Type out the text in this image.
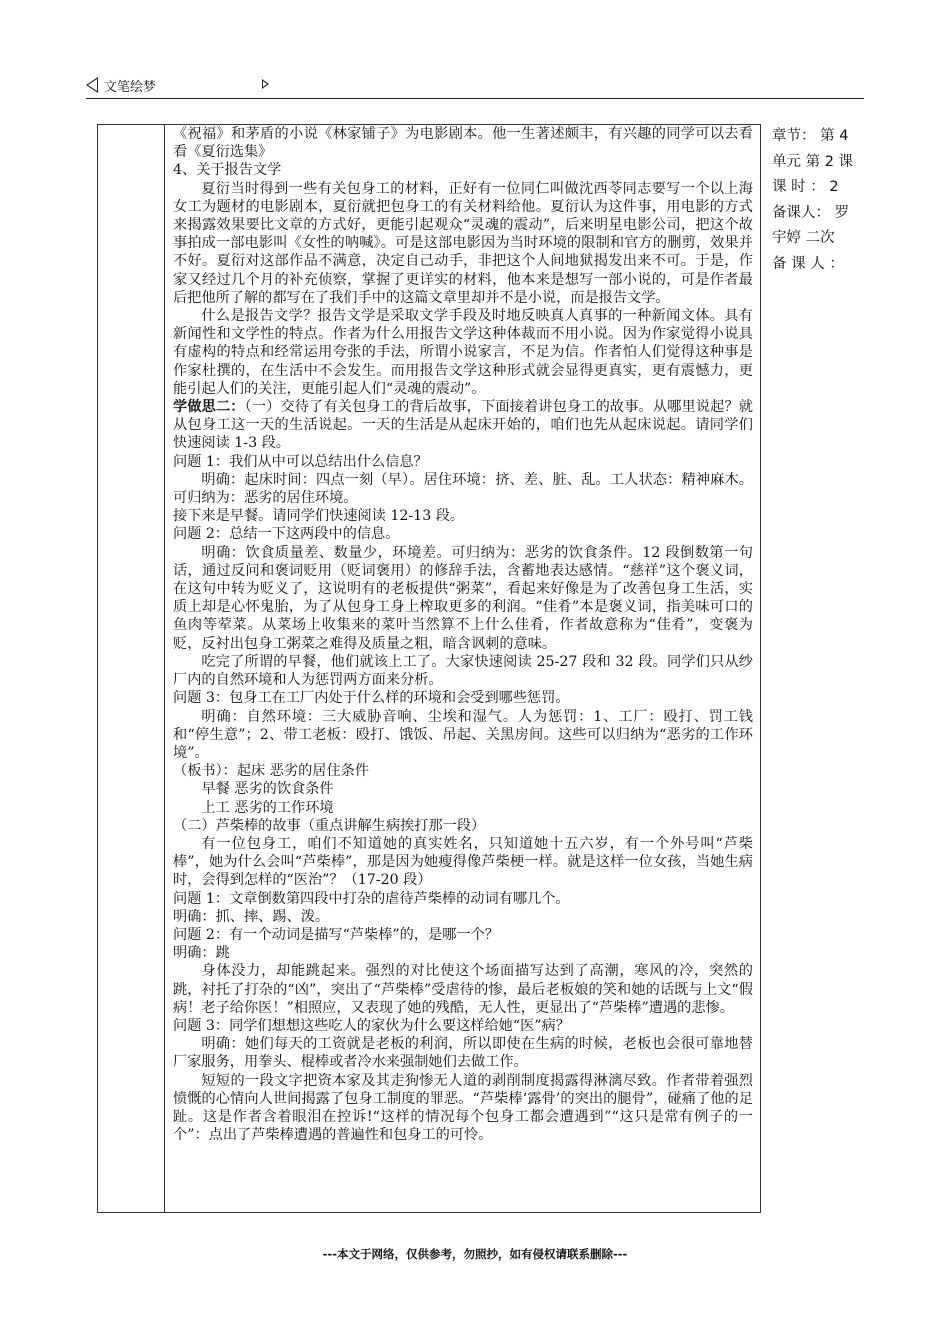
文笔绘梦

《祝福》和茅盾的小说《林家铺子》为电影剧本。他一生著述颇丰，有兴趣的同学可以去看看《夏衍选集》

4、关于报告文学

夏衍当时得到一些有关包身工的材料，正好有一位同仁叫做沈西苓同志要写一个以上海女工为题材的电影剧本，夏衍就把包身工的有关材料给他。夏衍认为这件事，用电影的方式来揭露效果要比文章的方式好，更能引起观众“灵魂的震动”，后来明星电影公司，把这个故事拍成一部电影叫《女性的呐喊》。可是这部电影因为当时环境的限制和官方的删剪，效果并不好。夏衍对这部作品不满意，决定自己动手，非把这个人间地狱揭发出来不可。于是，作家又经过几个月的补充侦察，掌握了更详实的材料，他本来是想写一部小说的，可是作者最后把他所了解的都写在了我们手中的这篇文章里却并不是小说，而是报告文学。

什么是报告文学？报告文学是采取文学手段及时地反映真人真事的一种新闻文体。具有新闻性和文学性的特点。作者为什么用报告文学这种体裁而不用小说。因为作家觉得小说具有虚构的特点和经常运用夸张的手法，所谓小说家言，不足为信。作者怕人们觉得这种事是作家杜撰的，在生活中不会发生。而用报告文学这种形式就会显得更真实，更有震憾力，更能引起人们的关注，更能引起人们“灵魂的震动”。

学做思二：（一）交待了有关包身工的背后故事，下面接着讲包身工的故事。从哪里说起？就从包身工这一天的生活说起。一天的生活是从起床开始的，咱们也先从起床说起。请同学们快速阅读 1-3 段。

问题 1：我们从中可以总结出什么信息？

明确：起床时间：四点一刻（早）。居住环境：挤、差、脏、乱。工人状态：精神麻木。可归纳为：恶劣的居住环境。

接下来是早餐。请同学们快速阅读 12-13 段。

问题 2：总结一下这两段中的信息。

明确：饮食质量差、数量少，环境差。可归纳为：恶劣的饮食条件。12 段倒数第一句话，通过反问和褒词贬用（贬词褒用）的修辞手法，含蓄地表达感情。“慈祥”这个褒义词，在这句中转为贬义了，这说明有的老板提供“粥菜”，看起来好像是为了改善包身工生活，实质上却是心怀鬼胎，为了从包身工身上榨取更多的利润。“佳肴”本是褒义词，指美味可口的鱼肉等荤菜。从菜场上收集来的菜叶当然算不上什么佳肴，作者故意称为“佳肴”，变褒为贬，反衬出包身工粥菜之难得及质量之粗，暗含讽刺的意味。

吃完了所谓的早餐，他们就该上工了。大家快速阅读 25-27 段和 32 段。同学们只从纱厂内的自然环境和人为惩罚两方面来分析。

问题 3：包身工在工厂内处于什么样的环境和会受到哪些惩罚。

明确：自然环境：三大威胁音响、尘埃和湿气。人为惩罚：1、工厂：殴打、罚工钱和“停生意”；2、带工老板：殴打、饿饭、吊起、关黑房间。这些可以归纳为“恶劣的工作环境”。

（板书）：起床 恶劣的居住条件

早餐 恶劣的饮食条件

上工 恶劣的工作环境

（二）芦柴棒的故事（重点讲解生病挨打那一段）

有一位包身工，咱们不知道她的真实姓名，只知道她十五六岁，有一个外号叫“芦柴棒”，她为什么会叫“芦柴棒”，那是因为她瘦得像芦柴梗一样。就是这样一位女孩，当她生病时，会得到怎样的“医治”？（17-20 段）

问题 1：文章倒数第四段中打杂的虐待芦柴棒的动词有哪几个。

明确：抓、摔、踢、泼。

问题 2：有一个动词是描写“芦柴棒”的，是哪一个？

明确：跳

身体没力，却能跳起来。强烈的对比使这个场面描写达到了高潮，寒风的冷，突然的跳，衬托了打杂的“凶”，突出了“芦柴棒”受虐待的惨，最后老板娘的笑和她的话既与上文“假病！老子给你医！”相照应，又表现了她的残酷，无人性，更显出了“芦柴棒”遭遇的悲惨。

问题 3：同学们想想这些吃人的家伙为什么要这样给她“医”病？

明确：她们每天的工资就是老板的利润，所以即使在生病的时候，老板也会很可靠地替厂家服务，用拳头、棍棒或者冷水来强制她们去做工作。

短短的一段文字把资本家及其走狗惨无人道的剥削制度揭露得淋漓尽致。作者带着强烈愤慨的心情向人世间揭露了包身工制度的罪恶。“芦柴棒‘露骨’的突出的腿骨”，碰痛了他的足趾。这是作者含着眼泪在控诉!“这样的情况每个包身工都会遭遇到”“这只是常有例子的一个”：点出了芦柴棒遭遇的普遍性和包身工的可怜。

章节： 第 4

单元 第 2 课

课 时 ： 2

备课人： 罗

宇婷 二次

备 课 人 ：

---本文于网络，仅供参考，勿照抄，如有侵权请联系删除---
